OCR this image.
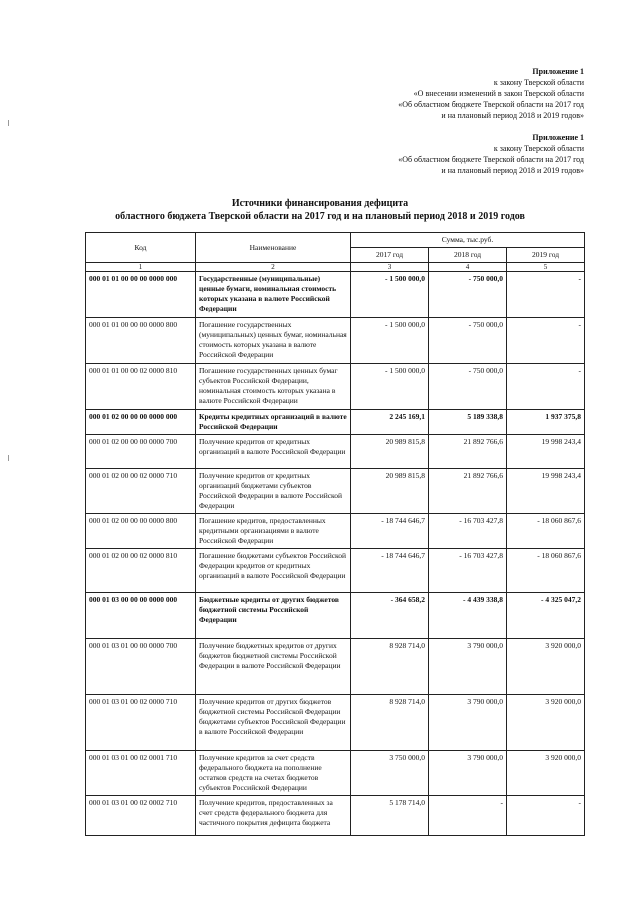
Приложение 1
к закону Тверской области
«О внесении изменений в закон Тверской области
«Об областном бюджете Тверской области на 2017 год
и на плановый период 2018 и 2019 годов»
Приложение 1
к закону Тверской области
«Об областном бюджете Тверской области на 2017 год
и на плановый период 2018 и 2019 годов»
Источники финансирования дефицита
областного бюджета Тверской области на 2017 год и на плановый период 2018 и 2019 годов
Код	Наименование	Сумма, тыс.руб.		
		2017 год	2018 год	2019 год
1	2	3	4	5
000 01 01 00 00 00 0000 000	Государственные (муниципальные) ценные бумаги, номинальная стоимость которых указана в валюте Российской Федерации	- 1 500 000,0	- 750 000,0	-
000 01 01 00 00 00 0000 800	Погашение государственных (муниципальных) ценных бумаг, номинальная стоимость которых указана в валюте Российской Федерации	- 1 500 000,0	- 750 000,0	-
000 01 01 00 00 02 0000 810	Погашение государственных ценных бумаг субъектов Российской Федерации, номинальная стоимость которых указана в валюте Российской Федерации	- 1 500 000,0	- 750 000,0	-
000 01 02 00 00 00 0000 000	Кредиты кредитных организаций в валюте Российской Федерации	2 245 169,1	5 189 338,8	1 937 375,8
000 01 02 00 00 00 0000 700	Получение кредитов от кредитных организаций в валюте Российской Федерации	20 989 815,8	21 892 766,6	19 998 243,4
000 01 02 00 00 02 0000 710	Получение кредитов от кредитных организаций бюджетами субъектов Российской Федерации в валюте Российской Федерации	20 989 815,8	21 892 766,6	19 998 243,4
000 01 02 00 00 00 0000 800	Погашение кредитов, предоставленных кредитными организациями в валюте Российской Федерации	- 18 744 646,7	- 16 703 427,8	- 18 060 867,6
000 01 02 00 00 02 0000 810	Погашение бюджетами субъектов Российской Федерации кредитов от кредитных организаций в валюте Российской Федерации	- 18 744 646,7	- 16 703 427,8	- 18 060 867,6
000 01 03 00 00 00 0000 000	Бюджетные кредиты от других бюджетов бюджетной системы Российской Федерации	- 364 658,2	- 4 439 338,8	- 4 325 047,2
000 01 03 01 00 00 0000 700	Получение бюджетных кредитов от других бюджетов бюджетной системы Российской Федерации в валюте Российской Федерации	8 928 714,0	3 790 000,0	3 920 000,0
000 01 03 01 00 02 0000 710	Получение кредитов от других бюджетов бюджетной системы Российской Федерации бюджетами субъектов Российской Федерации в валюте Российской Федерации	8 928 714,0	3 790 000,0	3 920 000,0
000 01 03 01 00 02 0001 710	Получение кредитов за счет средств федерального бюджета на пополнение остатков средств на счетах бюджетов субъектов Российской Федерации	3 750 000,0	3 790 000,0	3 920 000,0
000 01 03 01 00 02 0002 710	Получение кредитов, предоставленных за счет средств федерального бюджета для частичного покрытия дефицита бюджета	5 178 714,0	-	-
